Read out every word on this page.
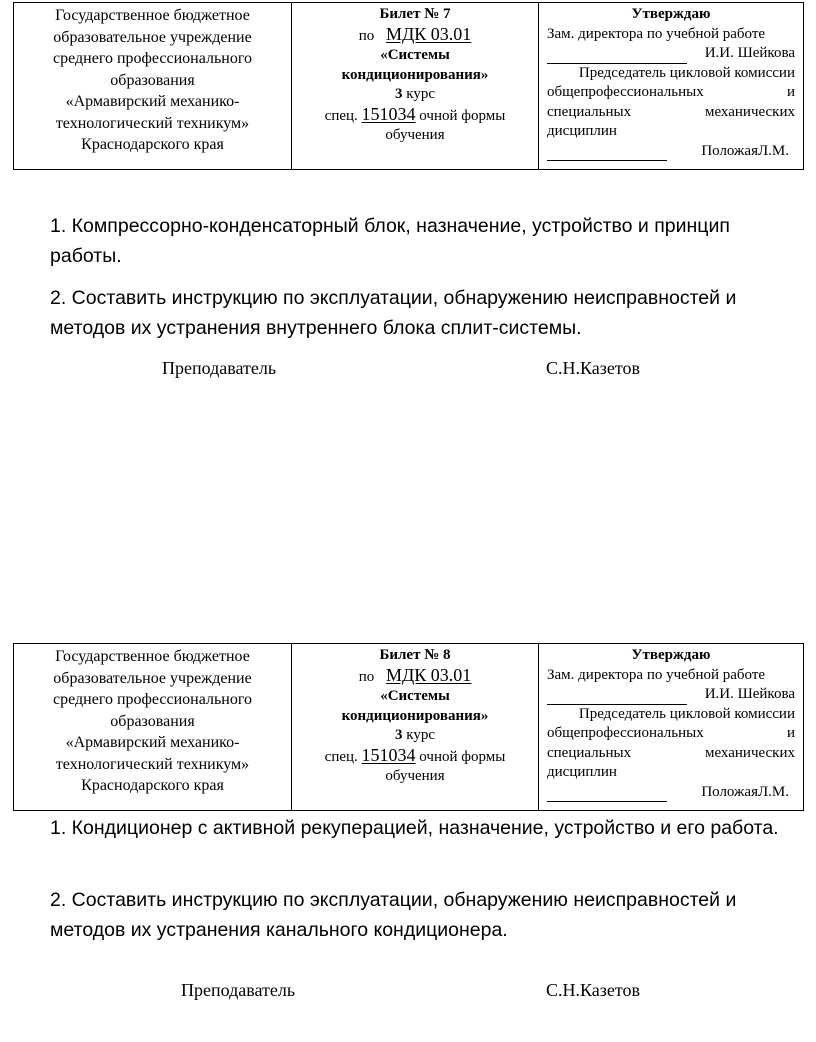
Государственное бюджетное
образовательное учреждение
среднего профессионального
образования
«Армавирский механико-
технологический техникум»
Краснодарского края

Билет № 7
по МДК 03.01
«Системы
кондиционирования»
3 курс
спец. 151034 очной формы
обучения

Утверждаю
Зам. директора по учебной работе
И.И. Шейкова
Председатель цикловой комиссии
общепрофессиональных	и
специальных	механических
дисциплин
ПоложаяЛ.М.

1. Компрессорно-конденсаторный блок, назначение, устройство и принцип работы.

2. Составить инструкцию по эксплуатации, обнаружению неисправностей и методов их устранения внутреннего блока сплит-системы.

Преподаватель	С.Н.Казетов
Государственное бюджетное
образовательное учреждение
среднего профессионального
образования
«Армавирский механико-
технологический техникум»
Краснодарского края

Билет № 8
по МДК 03.01
«Системы
кондиционирования»
3 курс
спец. 151034 очной формы
обучения

Утверждаю
Зам. директора по учебной работе
И.И. Шейкова
Председатель цикловой комиссии
общепрофессиональных	и
специальных	механических
дисциплин
ПоложаяЛ.М.

1. Кондиционер с активной рекуперацией, назначение, устройство и его работа.

2. Составить инструкцию по эксплуатации, обнаружению неисправностей и методов их устранения канального кондиционера.

Преподаватель	С.Н.Казетов
